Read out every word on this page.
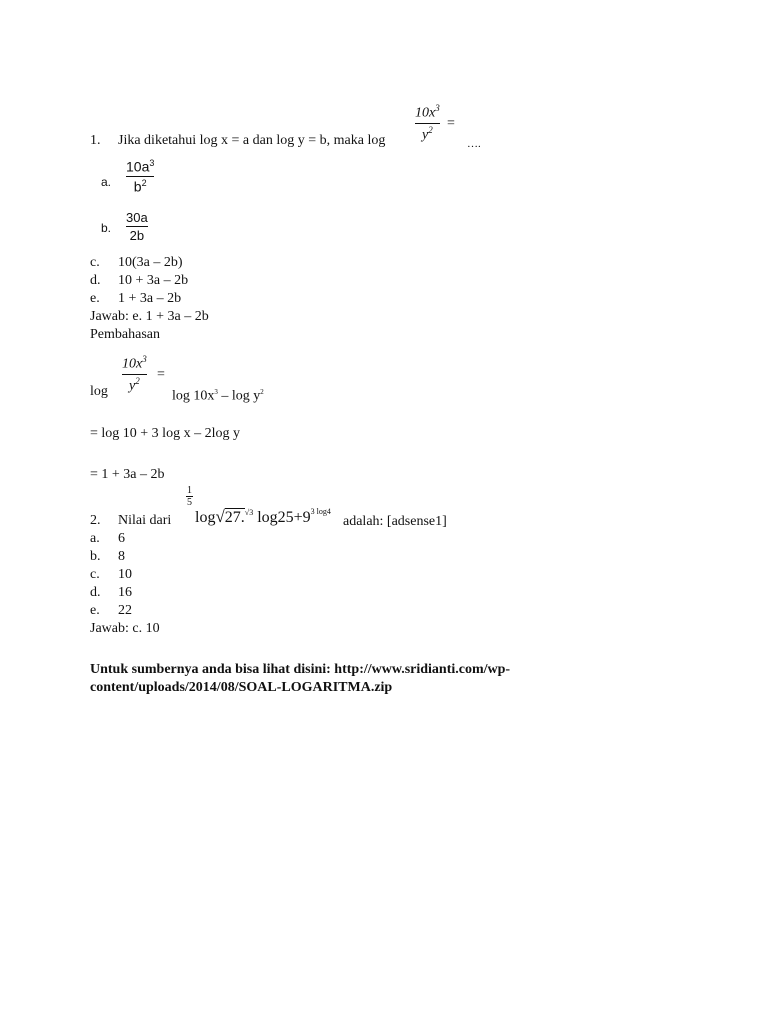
1. Jika diketahui log x = a dan log y = b, maka log
$10x^3$
$y^2$	=
….
a.
$10a^3$
$b^2$
b.
30a
2b
c. 10(3a – 2b)
d. 10 + 3a – 2b
e. 1 + 3a – 2b
Jawab: e. 1 + 3a – 2b
Pembahasan
log
$10x^3$
$y^2$	=
$\log 10x^3$ – $\log y^2$
= log 10 + 3 log x – 2log y
= 1 + 3a – 2b
2. Nilai dari
1
5
log√27.$^{√3}$ $\log 25+9^{3 log4}$
adalah: [adsense1]
a. 6
b. 8
c. 10
d. 16
e. 22
Jawab: c. 10
Untuk sumbernya anda bisa lihat disini: http://www.sridianti.com/wp-
content/uploads/2014/08/SOAL-LOGARITMA.zip
